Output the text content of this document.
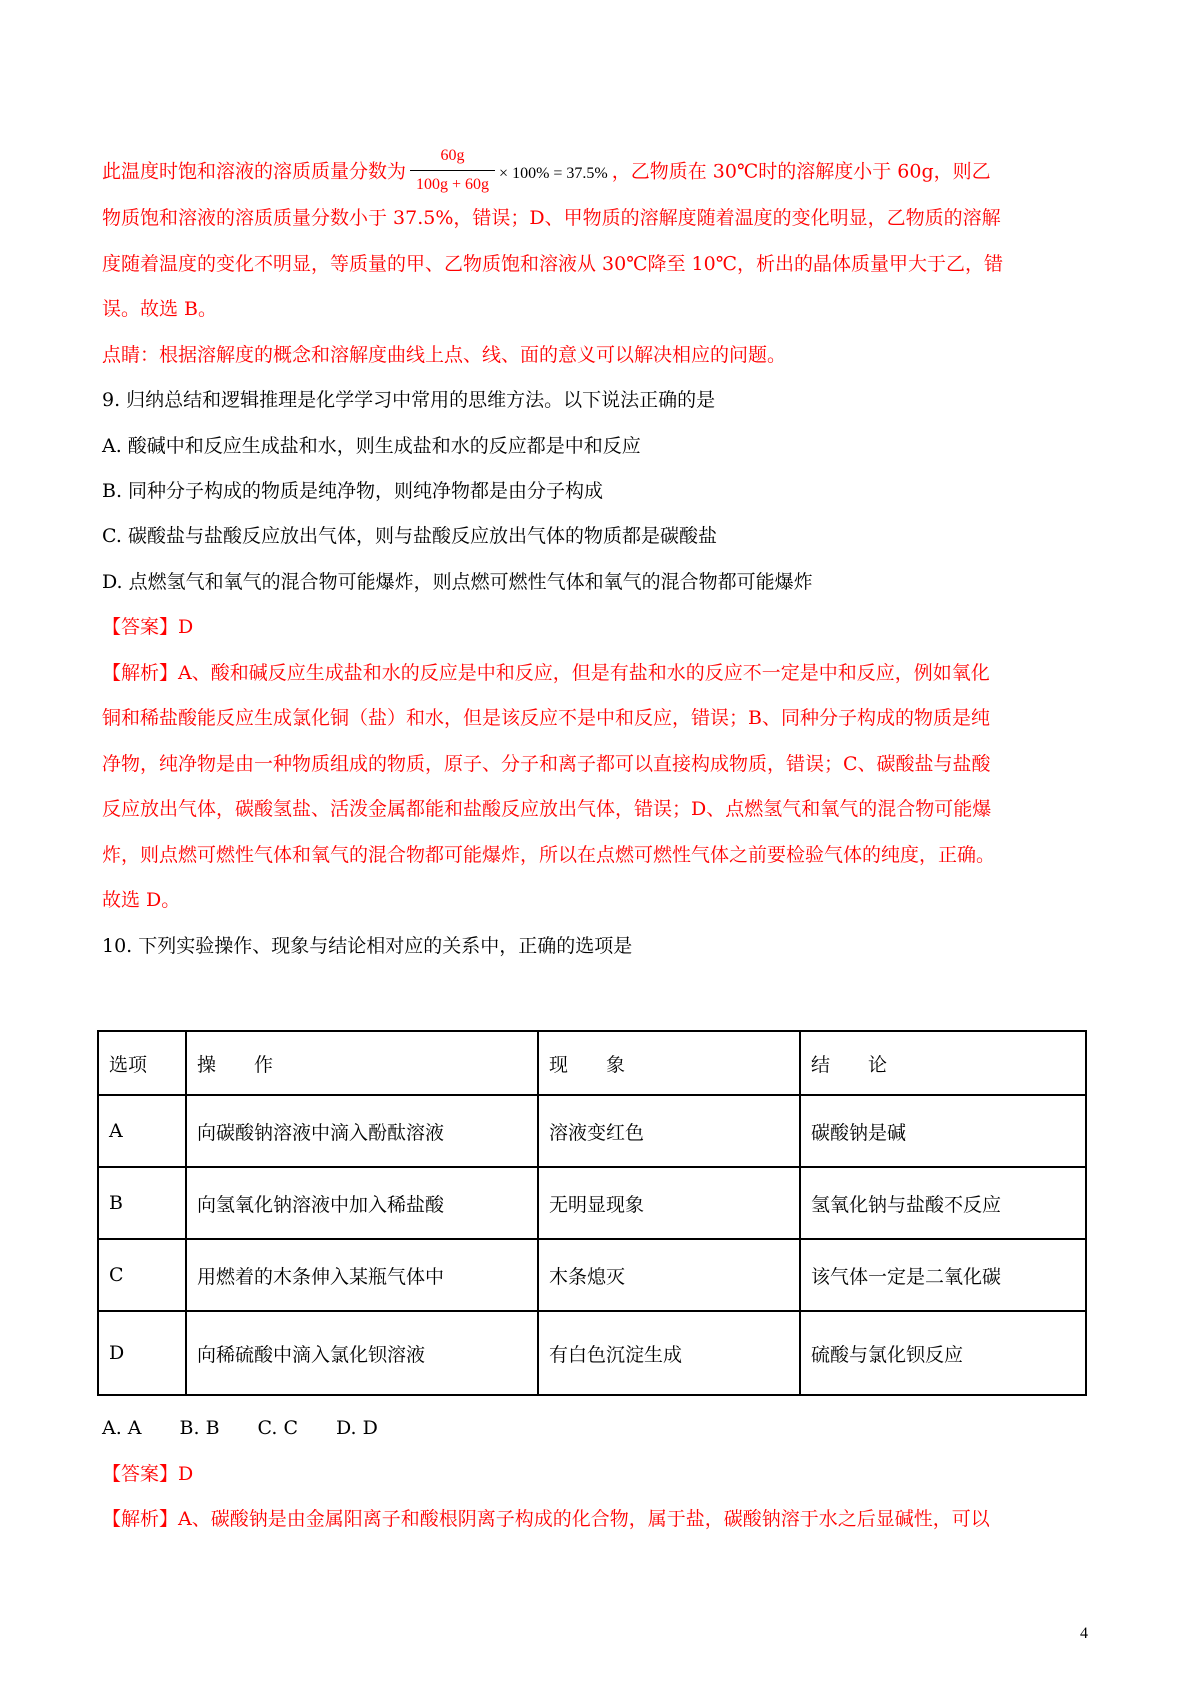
此温度时饱和溶液的溶质质量分数为 $\frac{60g}{100g + 60g} \times 100\% = 37.5\%$ ，乙物质在 30℃时的溶解度小于 60g，则乙
物质饱和溶液的溶质质量分数小于 37.5%，错误；D、甲物质的溶解度随着温度的变化明显，乙物质的溶解
度随着温度的变化不明显，等质量的甲、乙物质饱和溶液从 30℃降至 10℃，析出的晶体质量甲大于乙，错
误。故选 B。
点睛：根据溶解度的概念和溶解度曲线上点、线、面的意义可以解决相应的问题。
9. 归纳总结和逻辑推理是化学学习中常用的思维方法。以下说法正确的是
A. 酸碱中和反应生成盐和水，则生成盐和水的反应都是中和反应
B. 同种分子构成的物质是纯净物，则纯净物都是由分子构成
C. 碳酸盐与盐酸反应放出气体，则与盐酸反应放出气体的物质都是碳酸盐
D. 点燃氢气和氧气的混合物可能爆炸，则点燃可燃性气体和氧气的混合物都可能爆炸
【答案】D
【解析】A、酸和碱反应生成盐和水的反应是中和反应，但是有盐和水的反应不一定是中和反应，例如氧化
铜和稀盐酸能反应生成氯化铜（盐）和水，但是该反应不是中和反应，错误；B、同种分子构成的物质是纯
净物，纯净物是由一种物质组成的物质，原子、分子和离子都可以直接构成物质，错误；C、碳酸盐与盐酸
反应放出气体，碳酸氢盐、活泼金属都能和盐酸反应放出气体，错误；D、点燃氢气和氧气的混合物可能爆
炸，则点燃可燃性气体和氧气的混合物都可能爆炸，所以在点燃可燃性气体之前要检验气体的纯度，正确。
故选 D。
10. 下列实验操作、现象与结论相对应的关系中，正确的选项是
选项	操　　作	现　　象	结　　论
A	向碳酸钠溶液中滴入酚酞溶液	溶液变红色	碳酸钠是碱
B	向氢氧化钠溶液中加入稀盐酸	无明显现象	氢氧化钠与盐酸不反应
C	用燃着的木条伸入某瓶气体中	木条熄灭	该气体一定是二氧化碳
D	向稀硫酸中滴入氯化钡溶液	有白色沉淀生成	硫酸与氯化钡反应
A. A　　B. B　　C. C　　D. D
【答案】D
【解析】A、碳酸钠是由金属阳离子和酸根阴离子构成的化合物，属于盐，碳酸钠溶于水之后显碱性，可以
4
